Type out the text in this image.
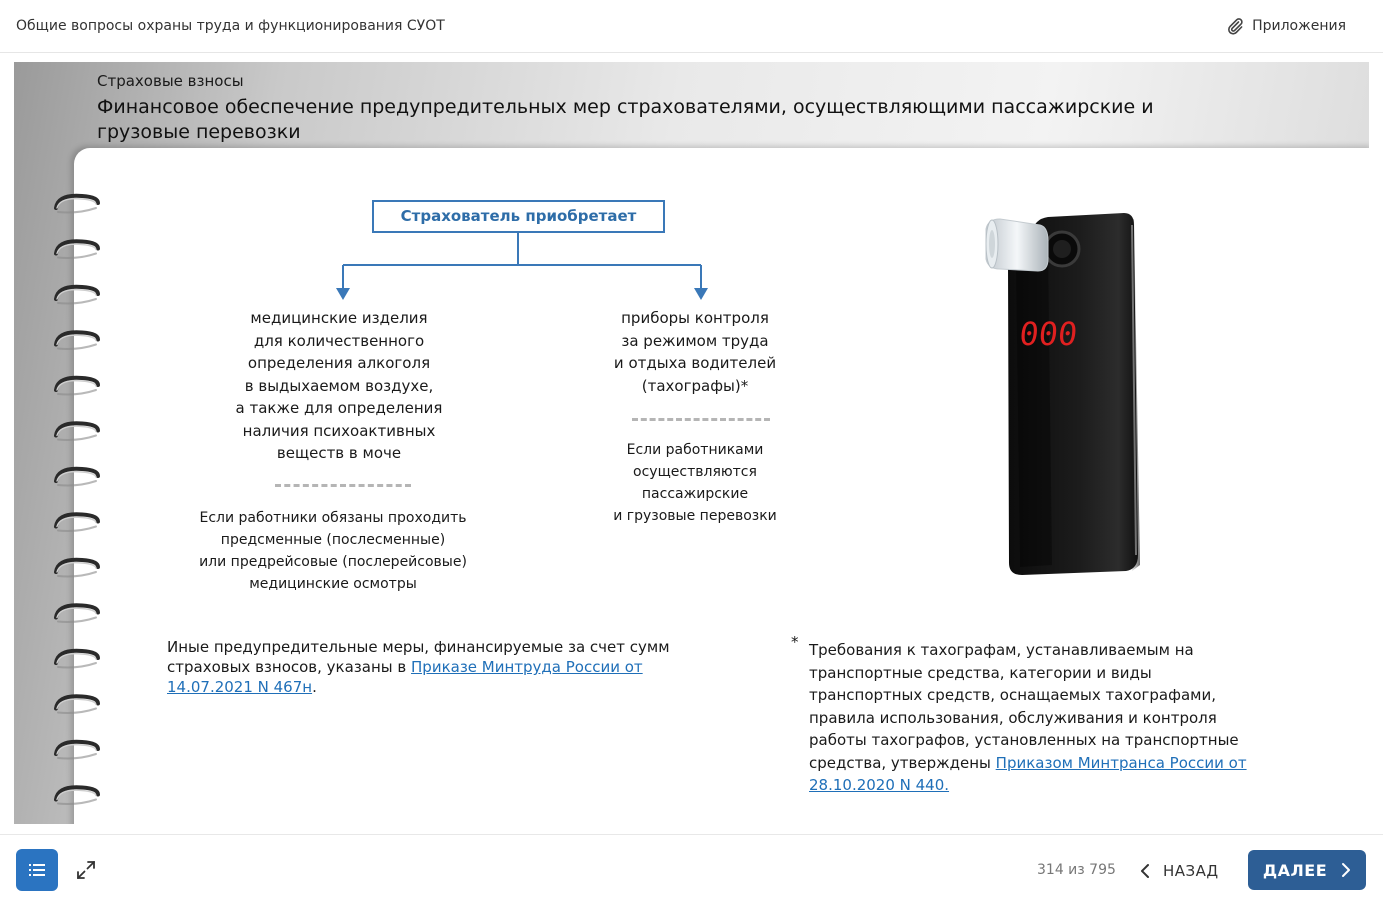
Общие вопросы охраны труда и функционирования СУОТ	Приложения
Страховые взносы
Финансовое обеспечение предупредительных мер страхователями, осуществляющими пассажирские и грузовые перевозки
Страхователь приобретает
медицинские изделия
для количественного
определения алкоголя
в выдыхаемом воздухе,
а также для определения
наличия психоактивных
веществ в моче
Если работники обязаны проходить
предсменные (послесменные)
или предрейсовые (послерейсовые)
медицинские осмотры
приборы контроля
за режимом труда
и отдыха водителей
(тахографы)*
Если работниками
осуществляются
пассажирские
и грузовые перевозки
000
Иные предупредительные меры, финансируемые за счет сумм страховых взносов, указаны в Приказе Минтруда России от 14.07.2021 N 467н.
* Требования к тахографам, устанавливаемым на транспортные средства, категории и виды транспортных средств, оснащаемых тахографами, правила использования, обслуживания и контроля работы тахографов, установленных на транспортные средства, утверждены Приказом Минтранса России от 28.10.2020 N 440.
314 из 795	НАЗАД	ДАЛЕЕ
